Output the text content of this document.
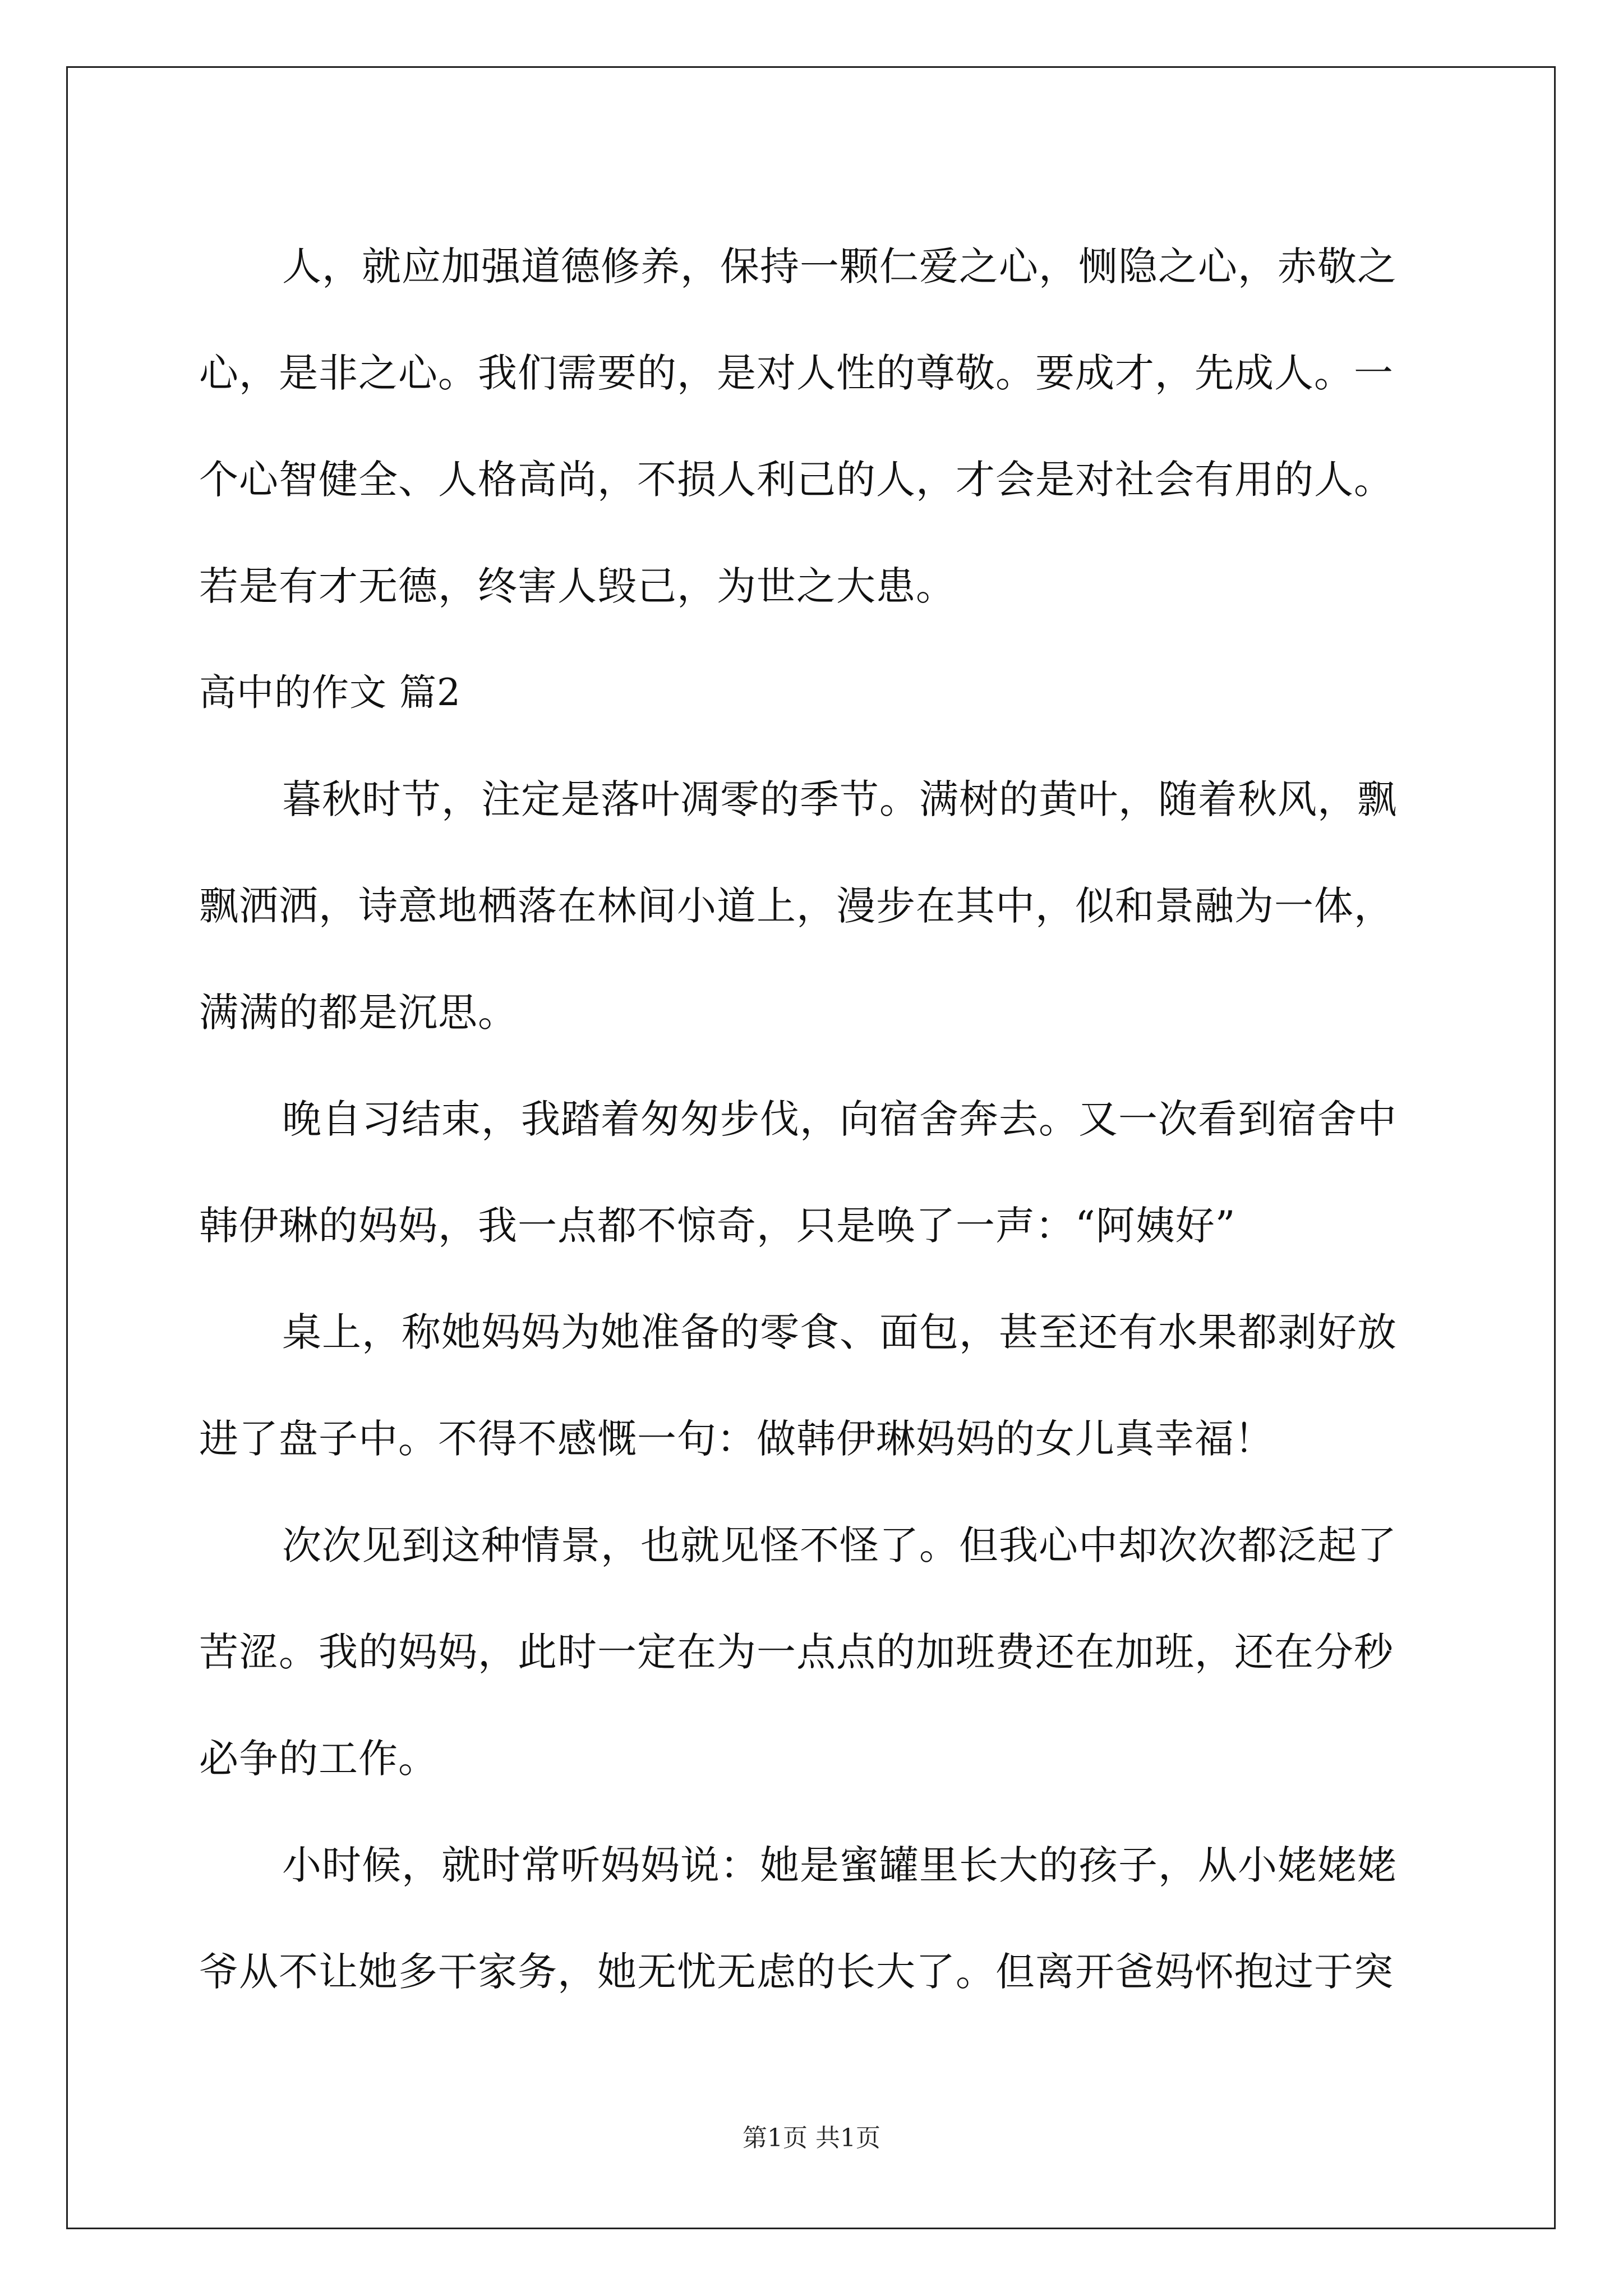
人，就应加强道德修养，保持一颗仁爱之心，恻隐之心，赤敬之
心，是非之心。我们需要的，是对人性的尊敬。要成才，先成人。一
个心智健全、人格高尚，不损人利己的人，才会是对社会有用的人。
若是有才无德，终害人毁己，为世之大患。
高中的作文 篇2
暮秋时节，注定是落叶凋零的季节。满树的黄叶，随着秋风，飘
飘洒洒，诗意地栖落在林间小道上，漫步在其中，似和景融为一体，
满满的都是沉思。
晚自习结束，我踏着匆匆步伐，向宿舍奔去。又一次看到宿舍中
韩伊琳的妈妈，我一点都不惊奇，只是唤了一声：“阿姨好”
桌上，称她妈妈为她准备的零食、面包，甚至还有水果都剥好放
进了盘子中。不得不感慨一句：做韩伊琳妈妈的女儿真幸福！
次次见到这种情景，也就见怪不怪了。但我心中却次次都泛起了
苦涩。我的妈妈，此时一定在为一点点的加班费还在加班，还在分秒
必争的工作。
小时候，就时常听妈妈说：她是蜜罐里长大的孩子，从小姥姥姥
爷从不让她多干家务，她无忧无虑的长大了。但离开爸妈怀抱过于突
第1页 共1页
